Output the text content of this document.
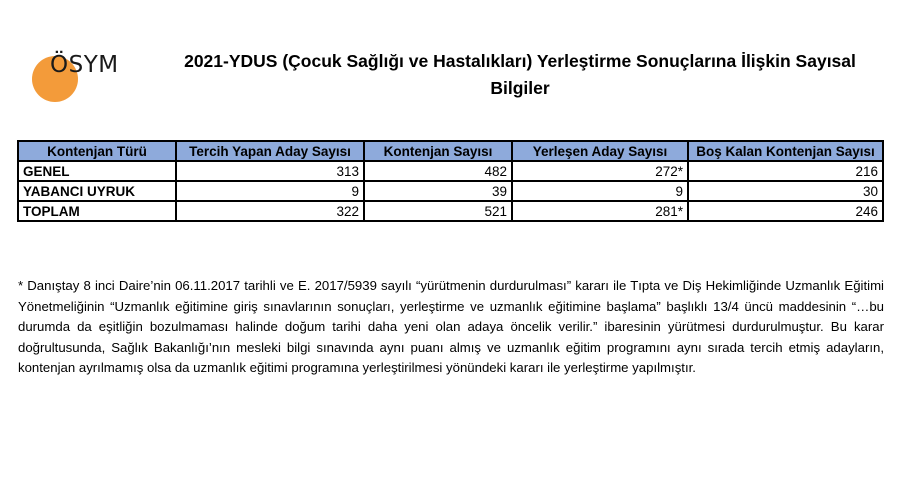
ÖSYM	2021-YDUS (Çocuk Sağlığı ve Hastalıkları) Yerleştirme Sonuçlarına İlişkin Sayısal
Bilgiler
Kontenjan Türü	Tercih Yapan Aday Sayısı	Kontenjan Sayısı	Yerleşen Aday Sayısı	Boş Kalan Kontenjan Sayısı
GENEL	313	482	272*	216
YABANCI UYRUK	9	39	9	30
TOPLAM	322	521	281*	246
* Danıştay 8 inci Daire’nin 06.11.2017 tarihli ve E. 2017/5939 sayılı “yürütmenin durdurulması” kararı ile Tıpta ve Diş Hekimliğinde Uzmanlık Eğitimi Yönetmeliğinin “Uzmanlık eğitimine giriş sınavlarının sonuçları, yerleştirme ve uzmanlık eğitimine başlama” başlıklı 13/4 üncü maddesinin “…bu durumda da eşitliğin bozulmaması halinde doğum tarihi daha yeni olan adaya öncelik verilir.” ibaresinin yürütmesi durdurulmuştur. Bu karar doğrultusunda, Sağlık Bakanlığı’nın mesleki bilgi sınavında aynı puanı almış ve uzmanlık eğitim programını aynı sırada tercih etmiş adayların, kontenjan ayrılmamış olsa da uzmanlık eğitimi programına yerleştirilmesi yönündeki kararı ile yerleştirme yapılmıştır.
